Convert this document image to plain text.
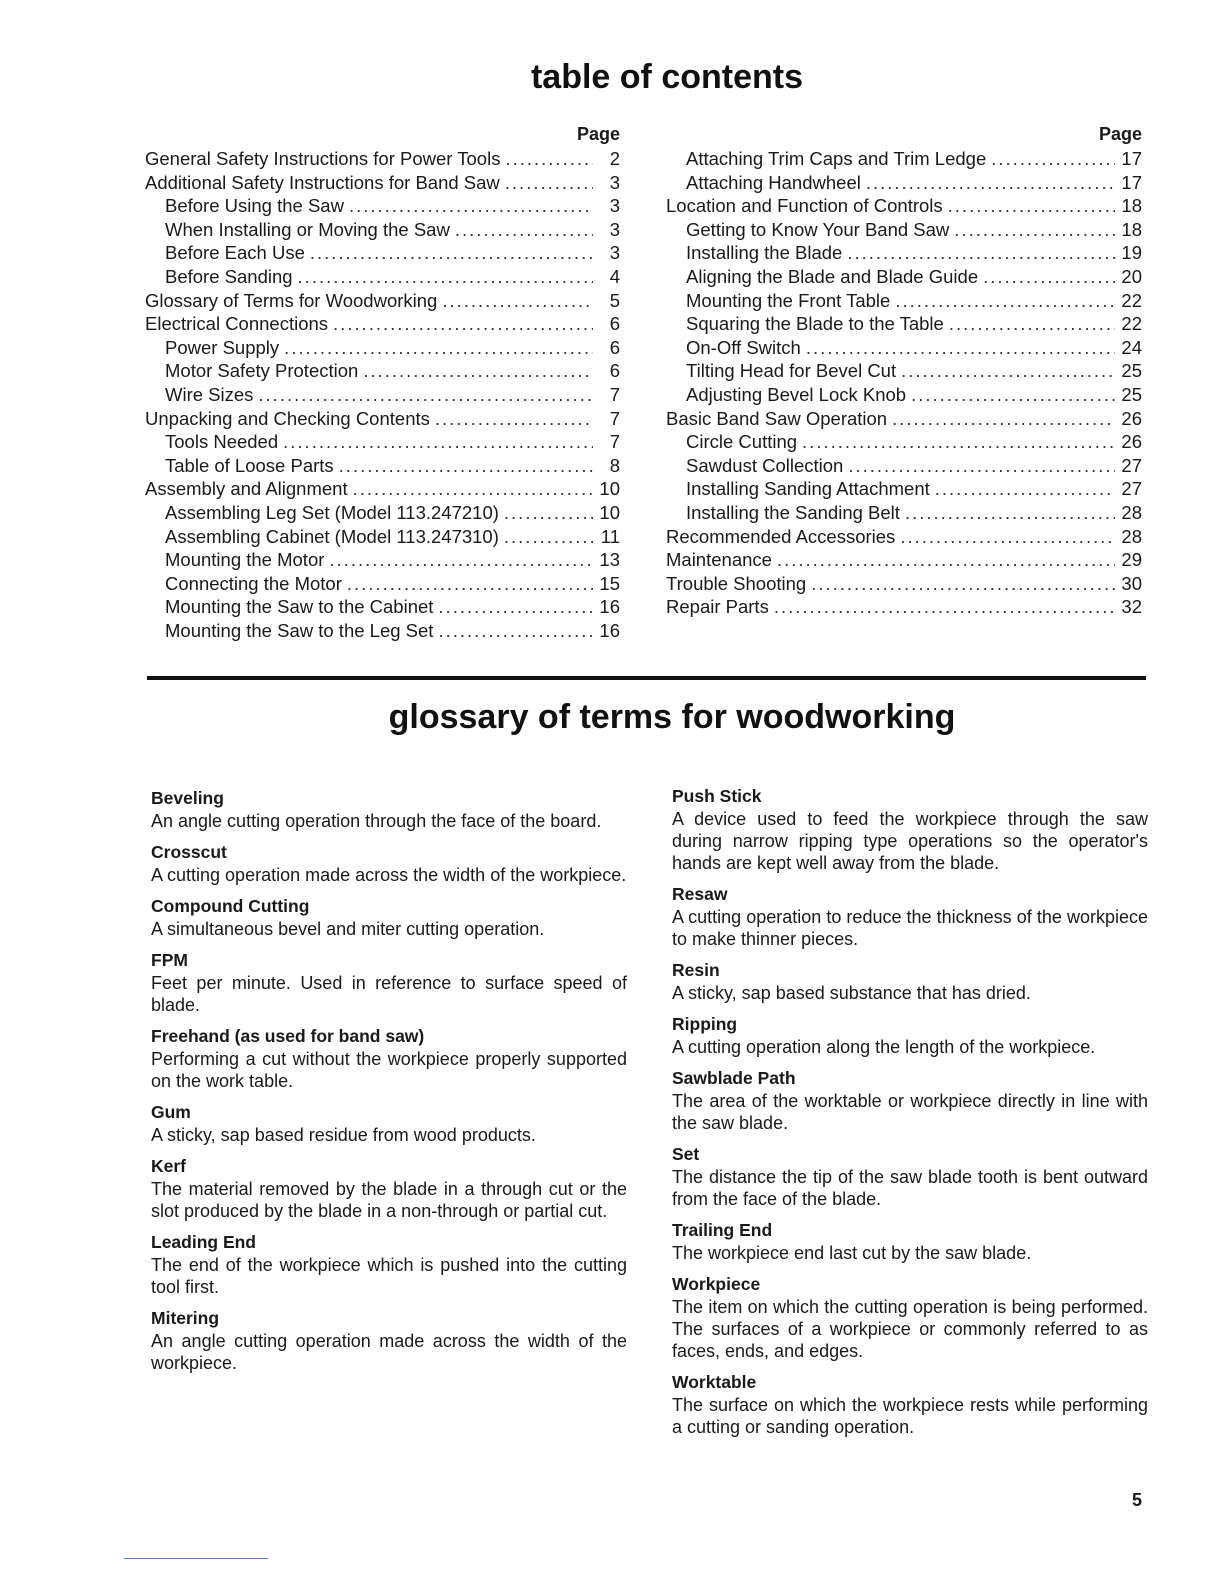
table of contents
Page
General Safety Instructions for Power Tools .....	2
Additional Safety Instructions for Band Saw .....	3
Before Using the Saw .....	3
When Installing or Moving the Saw .....	3
Before Each Use .....	3
Before Sanding .....	4
Glossary of Terms for Woodworking .....	5
Electrical Connections .....	6
Power Supply .....	6
Motor Safety Protection .....	6
Wire Sizes .....	7
Unpacking and Checking Contents .....	7
Tools Needed .....	7
Table of Loose Parts .....	8
Assembly and Alignment .....	10
Assembling Leg Set (Model 113.247210) .....	10
Assembling Cabinet (Model 113.247310) .....	11
Mounting the Motor .....	13
Connecting the Motor .....	15
Mounting the Saw to the Cabinet .....	16
Mounting the Saw to the Leg Set .....	16
Page
Attaching Trim Caps and Trim Ledge .....	17
Attaching Handwheel .....	17
Location and Function of Controls .....	18
Getting to Know Your Band Saw .....	18
Installing the Blade .....	19
Aligning the Blade and Blade Guide .....	20
Mounting the Front Table .....	22
Squaring the Blade to the Table .....	22
On-Off Switch .....	24
Tilting Head for Bevel Cut .....	25
Adjusting Bevel Lock Knob .....	25
Basic Band Saw Operation .....	26
Circle Cutting .....	26
Sawdust Collection .....	27
Installing Sanding Attachment .....	27
Installing the Sanding Belt .....	28
Recommended Accessories .....	28
Maintenance .....	29
Trouble Shooting .....	30
Repair Parts .....	32
glossary of terms for woodworking
Beveling
An angle cutting operation through the face of the board.
Crosscut
A cutting operation made across the width of the workpiece.
Compound Cutting
A simultaneous bevel and miter cutting operation.
FPM
Feet per minute. Used in reference to surface speed of blade.
Freehand (as used for band saw)
Performing a cut without the workpiece properly supported on the work table.
Gum
A sticky, sap based residue from wood products.
Kerf
The material removed by the blade in a through cut or the slot produced by the blade in a non-through or partial cut.
Leading End
The end of the workpiece which is pushed into the cutting tool first.
Mitering
An angle cutting operation made across the width of the workpiece.
Push Stick
A device used to feed the workpiece through the saw during narrow ripping type operations so the operator's hands are kept well away from the blade.
Resaw
A cutting operation to reduce the thickness of the workpiece to make thinner pieces.
Resin
A sticky, sap based substance that has dried.
Ripping
A cutting operation along the length of the workpiece.
Sawblade Path
The area of the worktable or workpiece directly in line with the saw blade.
Set
The distance the tip of the saw blade tooth is bent outward from the face of the blade.
Trailing End
The workpiece end last cut by the saw blade.
Workpiece
The item on which the cutting operation is being performed. The surfaces of a workpiece or commonly referred to as faces, ends, and edges.
Worktable
The surface on which the workpiece rests while performing a cutting or sanding operation.
5
